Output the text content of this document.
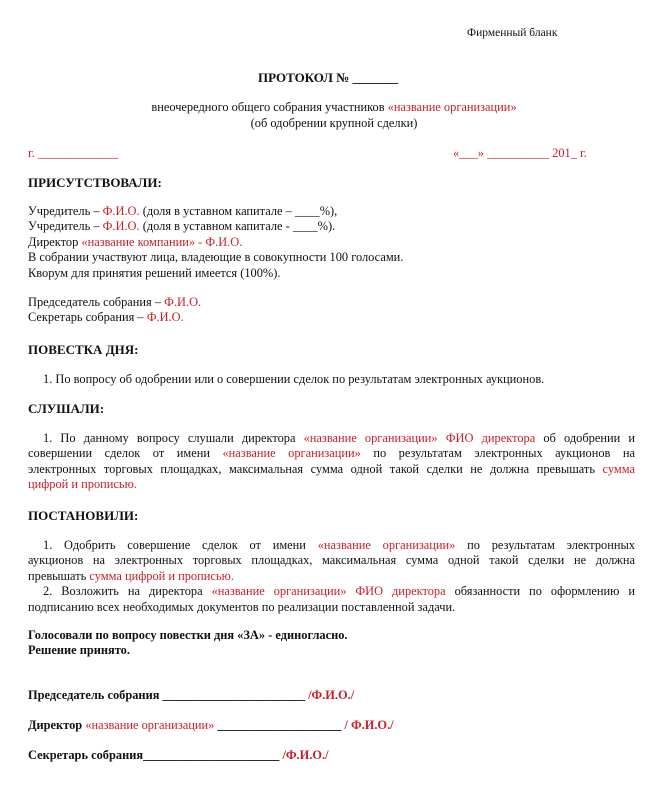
Фирменный бланк
ПРОТОКОЛ № _______
внеочередного общего собрания участников «название организации»
(об одобрении крупной сделки)
г. _____________	«___» __________ 201_ г.
ПРИСУТСТВОВАЛИ:
Учредитель – Ф.И.О. (доля в уставном капитале – ____%),
Учредитель – Ф.И.О. (доля в уставном капитале - ____%).
Директор «название компании» - Ф.И.О.
В собрании участвуют лица, владеющие в совокупности 100 голосами.
Кворум для принятия решений имеется (100%).
Председатель собрания – Ф.И.О.
Секретарь собрания – Ф.И.О.
ПОВЕСТКА ДНЯ:
1. По вопросу об одобрении или о совершении сделок по результатам электронных аукционов.
СЛУШАЛИ:
1. По данному вопросу слушали директора «название организации» ФИО директора об одобрении и
совершении сделок от имени «название организации» по результатам электронных аукционов на
электронных торговых площадках, максимальная сумма одной такой сделки не должна превышать сумма
цифрой и прописью.
ПОСТАНОВИЛИ:
1. Одобрить совершение сделок от имени «название организации» по результатам электронных
аукционов на электронных торговых площадках, максимальная сумма одной такой сделки не должна
превышать сумма цифрой и прописью.
2. Возложить на директора «название организации» ФИО директора обязанности по оформлению и
подписанию всех необходимых документов по реализации поставленной задачи.
Голосовали по вопросу повестки дня «ЗА» - единогласно.
Решение принято.
Председатель собрания _______________________ /Ф.И.О./
Директор «название организации» ____________________ / Ф.И.О./
Секретарь собрания______________________ /Ф.И.О./
